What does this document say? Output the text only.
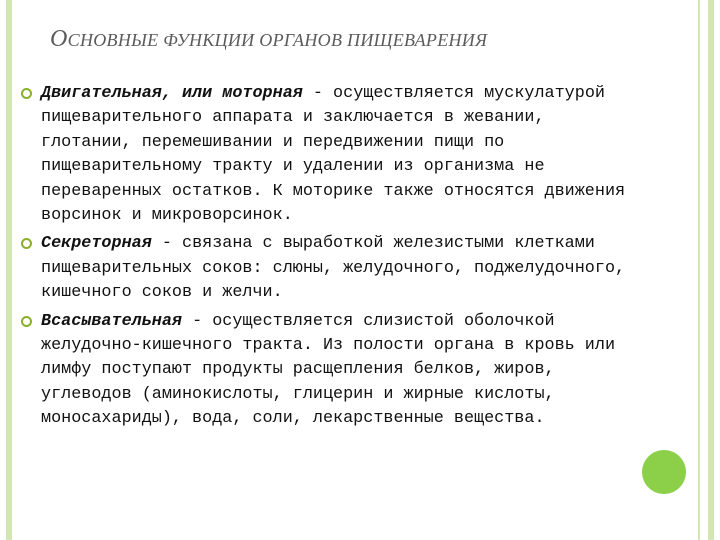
ОСНОВНЫЕ ФУНКЦИИ ОРГАНОВ ПИЩЕВАРЕНИЯ
Двигательная, или моторная - осуществляется мускулатурой пищеварительного аппарата и заключается в жевании, глотании, перемешивании и передвижении пищи по пищеварительному тракту и удалении из организма не переваренных остатков. К моторике также относятся движения ворсинок и микроворсинок.
Секреторная - связана с выработкой железистыми клетками пищеварительных соков: слюны, желудочного, поджелудочного, кишечного соков и желчи.
Всасывательная - осуществляется слизистой оболочкой желудочно-кишечного тракта. Из полости органа в кровь или лимфу поступают продукты расщепления белков, жиров, углеводов (аминокислоты, глицерин и жирные кислоты, моносахариды), вода, соли, лекарственные вещества.
